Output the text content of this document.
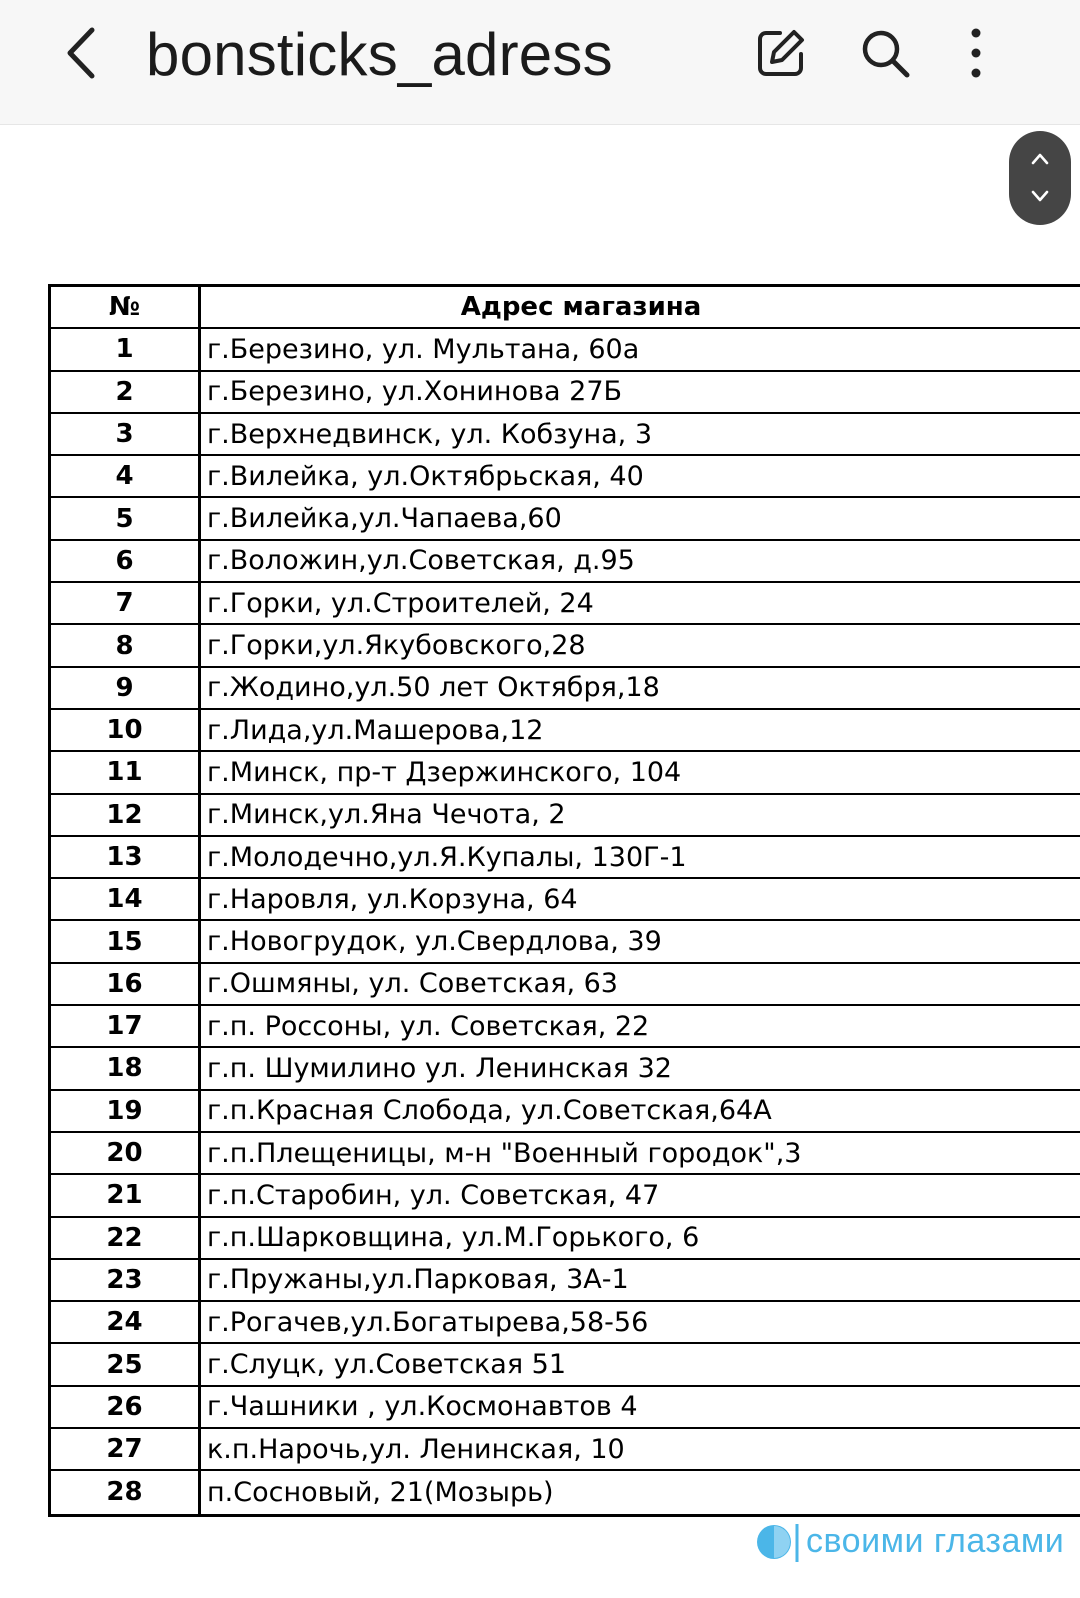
bonsticks_adress
№	Адрес магазина
1	г.Березино, ул. Мультана, 60а
2	г.Березино, ул.Хонинова 27Б
3	г.Верхнедвинск, ул. Кобзуна, 3
4	г.Вилейка, ул.Октябрьская, 40
5	г.Вилейка,ул.Чапаева,60
6	г.Воложин,ул.Советская, д.95
7	г.Горки, ул.Строителей, 24
8	г.Горки,ул.Якубовского,28
9	г.Жодино,ул.50 лет Октября,18
10	г.Лида,ул.Машерова,12
11	г.Минск, пр-т Дзержинского, 104
12	г.Минск,ул.Яна Чечота, 2
13	г.Молодечно,ул.Я.Купалы, 130Г-1
14	г.Наровля, ул.Корзуна, 64
15	г.Новогрудок, ул.Свердлова, 39
16	г.Ошмяны, ул. Советская, 63
17	г.п. Россоны, ул. Советская, 22
18	г.п. Шумилино ул. Ленинская 32
19	г.п.Красная Слобода, ул.Советская,64А
20	г.п.Плещеницы, м-н "Военный городок",3
21	г.п.Старобин, ул. Советская, 47
22	г.п.Шарковщина, ул.М.Горького, 6
23	г.Пружаны,ул.Парковая, 3А-1
24	г.Рогачев,ул.Богатырева,58-56
25	г.Слуцк, ул.Советская 51
26	г.Чашники , ул.Космонавтов 4
27	к.п.Нарочь,ул. Ленинская, 10
28	п.Сосновый, 21(Мозырь)
своими глазами
